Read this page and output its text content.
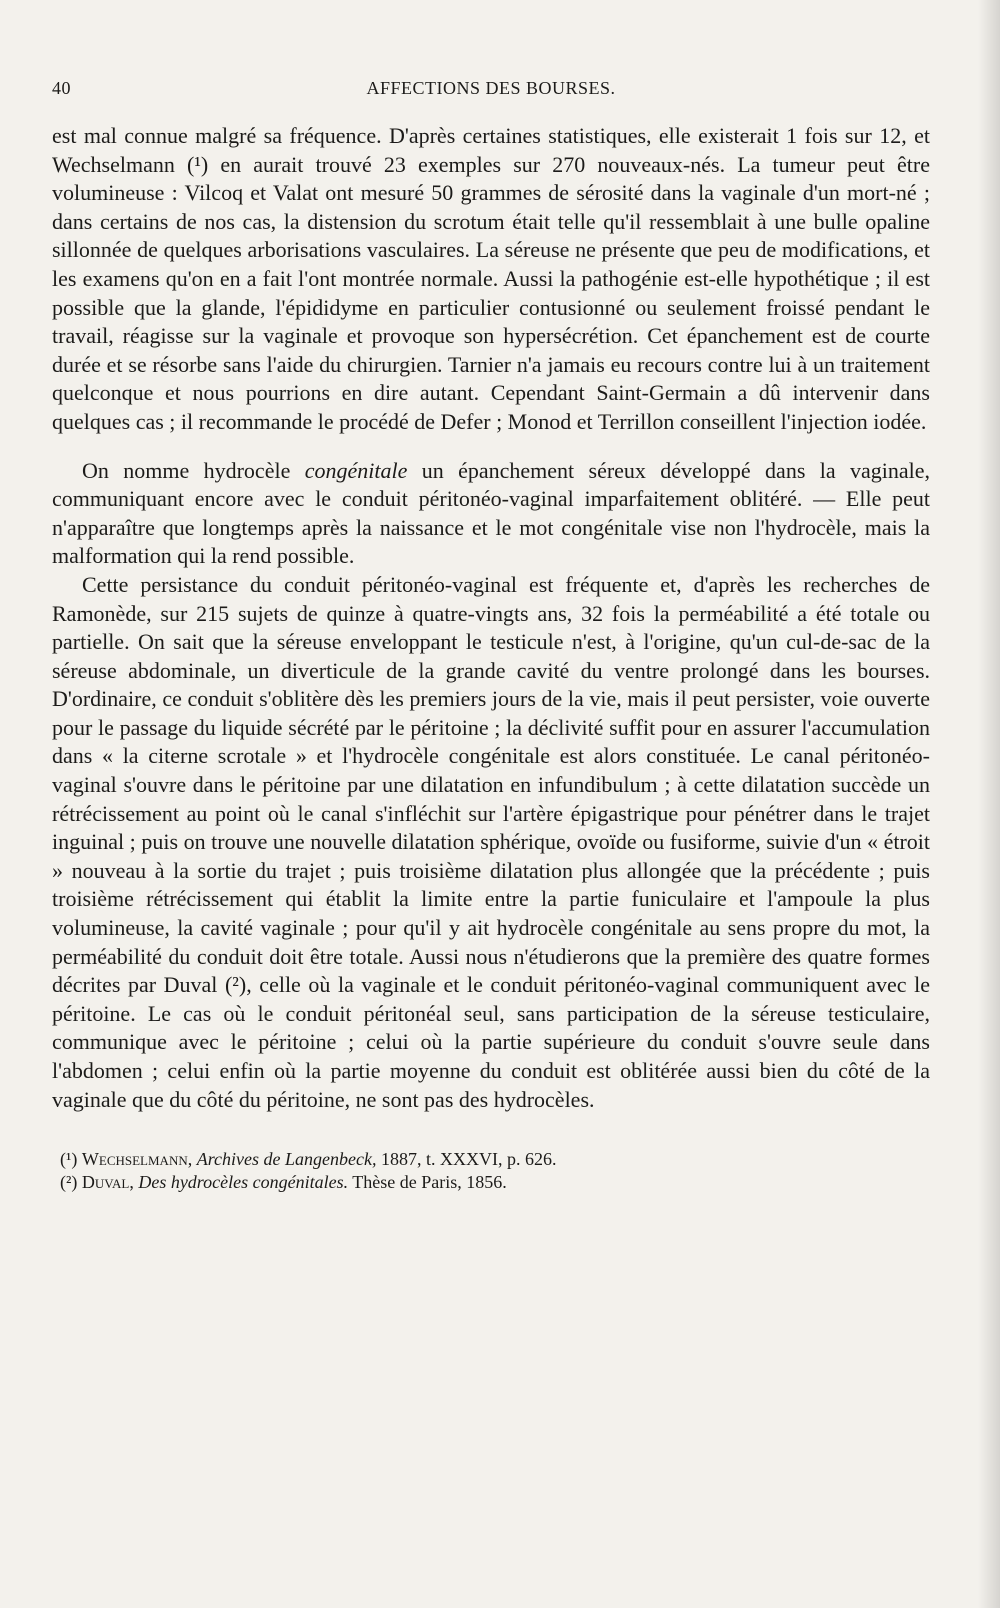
40	AFFECTIONS DES BOURSES.

est mal connue malgré sa fréquence. D'après certaines statistiques, elle existerait 1 fois sur 12, et Wechselmann (¹) en aurait trouvé 23 exemples sur 270 nouveaux-nés. La tumeur peut être volumineuse : Vilcoq et Valat ont mesuré 50 grammes de sérosité dans la vaginale d'un mort-né ; dans certains de nos cas, la distension du scrotum était telle qu'il ressemblait à une bulle opaline sillonnée de quelques arborisations vasculaires. La séreuse ne présente que peu de modifications, et les examens qu'on en a fait l'ont montrée normale. Aussi la pathogénie est-elle hypothétique ; il est possible que la glande, l'épididyme en particulier contusionné ou seulement froissé pendant le travail, réagisse sur la vaginale et provoque son hypersécrétion. Cet épanchement est de courte durée et se résorbe sans l'aide du chirurgien. Tarnier n'a jamais eu recours contre lui à un traitement quelconque et nous pourrions en dire autant. Cependant Saint-Germain a dû intervenir dans quelques cas ; il recommande le procédé de Defer ; Monod et Terrillon conseillent l'injection iodée.

On nomme hydrocèle congénitale un épanchement séreux développé dans la vaginale, communiquant encore avec le conduit péritonéo-vaginal imparfaitement oblitéré. — Elle peut n'apparaître que longtemps après la naissance et le mot congénitale vise non l'hydrocèle, mais la malformation qui la rend possible.

Cette persistance du conduit péritonéo-vaginal est fréquente et, d'après les recherches de Ramonède, sur 215 sujets de quinze à quatre-vingts ans, 32 fois la perméabilité a été totale ou partielle. On sait que la séreuse enveloppant le testicule n'est, à l'origine, qu'un cul-de-sac de la séreuse abdominale, un diverticule de la grande cavité du ventre prolongé dans les bourses. D'ordinaire, ce conduit s'oblitère dès les premiers jours de la vie, mais il peut persister, voie ouverte pour le passage du liquide sécrété par le péritoine ; la déclivité suffit pour en assurer l'accumulation dans « la citerne scrotale » et l'hydrocèle congénitale est alors constituée. Le canal péritonéo-vaginal s'ouvre dans le péritoine par une dilatation en infundibulum ; à cette dilatation succède un rétrécissement au point où le canal s'infléchit sur l'artère épigastrique pour pénétrer dans le trajet inguinal ; puis on trouve une nouvelle dilatation sphérique, ovoïde ou fusiforme, suivie d'un « étroit » nouveau à la sortie du trajet ; puis troisième dilatation plus allongée que la précédente ; puis troisième rétrécissement qui établit la limite entre la partie funiculaire et l'ampoule la plus volumineuse, la cavité vaginale ; pour qu'il y ait hydrocèle congénitale au sens propre du mot, la perméabilité du conduit doit être totale. Aussi nous n'étudierons que la première des quatre formes décrites par Duval (²), celle où la vaginale et le conduit péritonéo-vaginal communiquent avec le péritoine. Le cas où le conduit péritonéal seul, sans participation de la séreuse testiculaire, communique avec le péritoine ; celui où la partie supérieure du conduit s'ouvre seule dans l'abdomen ; celui enfin où la partie moyenne du conduit est oblitérée aussi bien du côté de la vaginale que du côté du péritoine, ne sont pas des hydrocèles.

(¹) Wechselmann, Archives de Langenbeck, 1887, t. XXXVI, p. 626.

(²) Duval, Des hydrocèles congénitales. Thèse de Paris, 1856.
